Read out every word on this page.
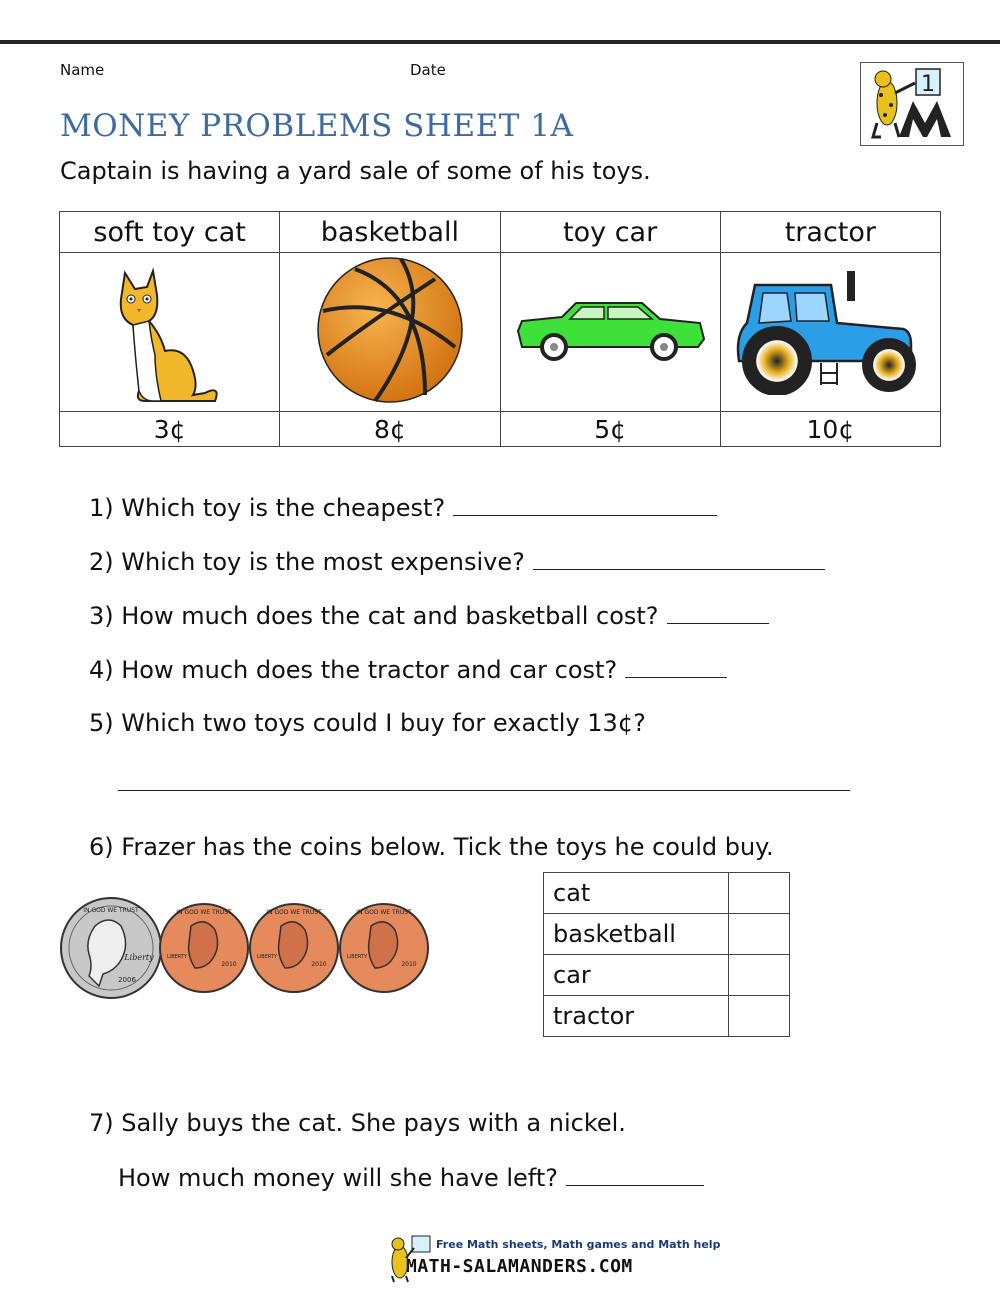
Name	Date
1
MONEY PROBLEMS SHEET 1A
Captain is having a yard sale of some of his toys.
soft toy cat	basketball	toy car	tractor

3¢	8¢	5¢	10¢
1) Which toy is the cheapest?
2) Which toy is the most expensive?
3) How much does the cat and basketball cost?
4) How much does the tractor and car cost?
5) Which two toys could I buy for exactly 13¢?
6) Frazer has the coins below. Tick the toys he could buy.
IN GOD WE TRUST
Liberty
2006
IN GOD WE TRUST
LIBERTY
2010
IN GOD WE TRUST
LIBERTY
2010
IN GOD WE TRUST
LIBERTY
2010
cat	
basketball	
car	
tractor	
7) Sally buys the cat. She pays with a nickel.
How much money will she have left?
Free Math sheets, Math games and Math help
MATH-SALAMANDERS.COM
